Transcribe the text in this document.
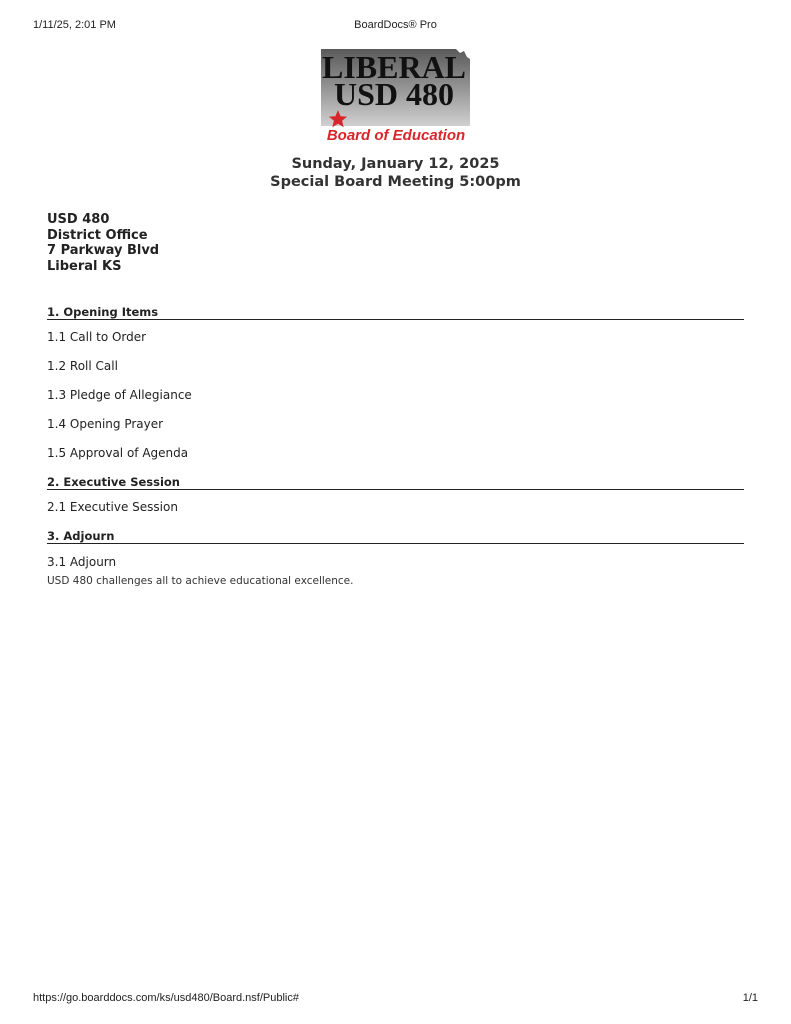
1/11/25, 2:01 PM	BoardDocs® Pro
LIBERAL
USD 480
Board of Education
Sunday, January 12, 2025
Special Board Meeting 5:00pm
USD 480
District Office
7 Parkway Blvd
Liberal KS
1. Opening Items
1.1 Call to Order
1.2 Roll Call
1.3 Pledge of Allegiance
1.4 Opening Prayer
1.5 Approval of Agenda
2. Executive Session
2.1 Executive Session
3. Adjourn
3.1 Adjourn
USD 480 challenges all to achieve educational excellence.
https://go.boarddocs.com/ks/usd480/Board.nsf/Public#	1/1
